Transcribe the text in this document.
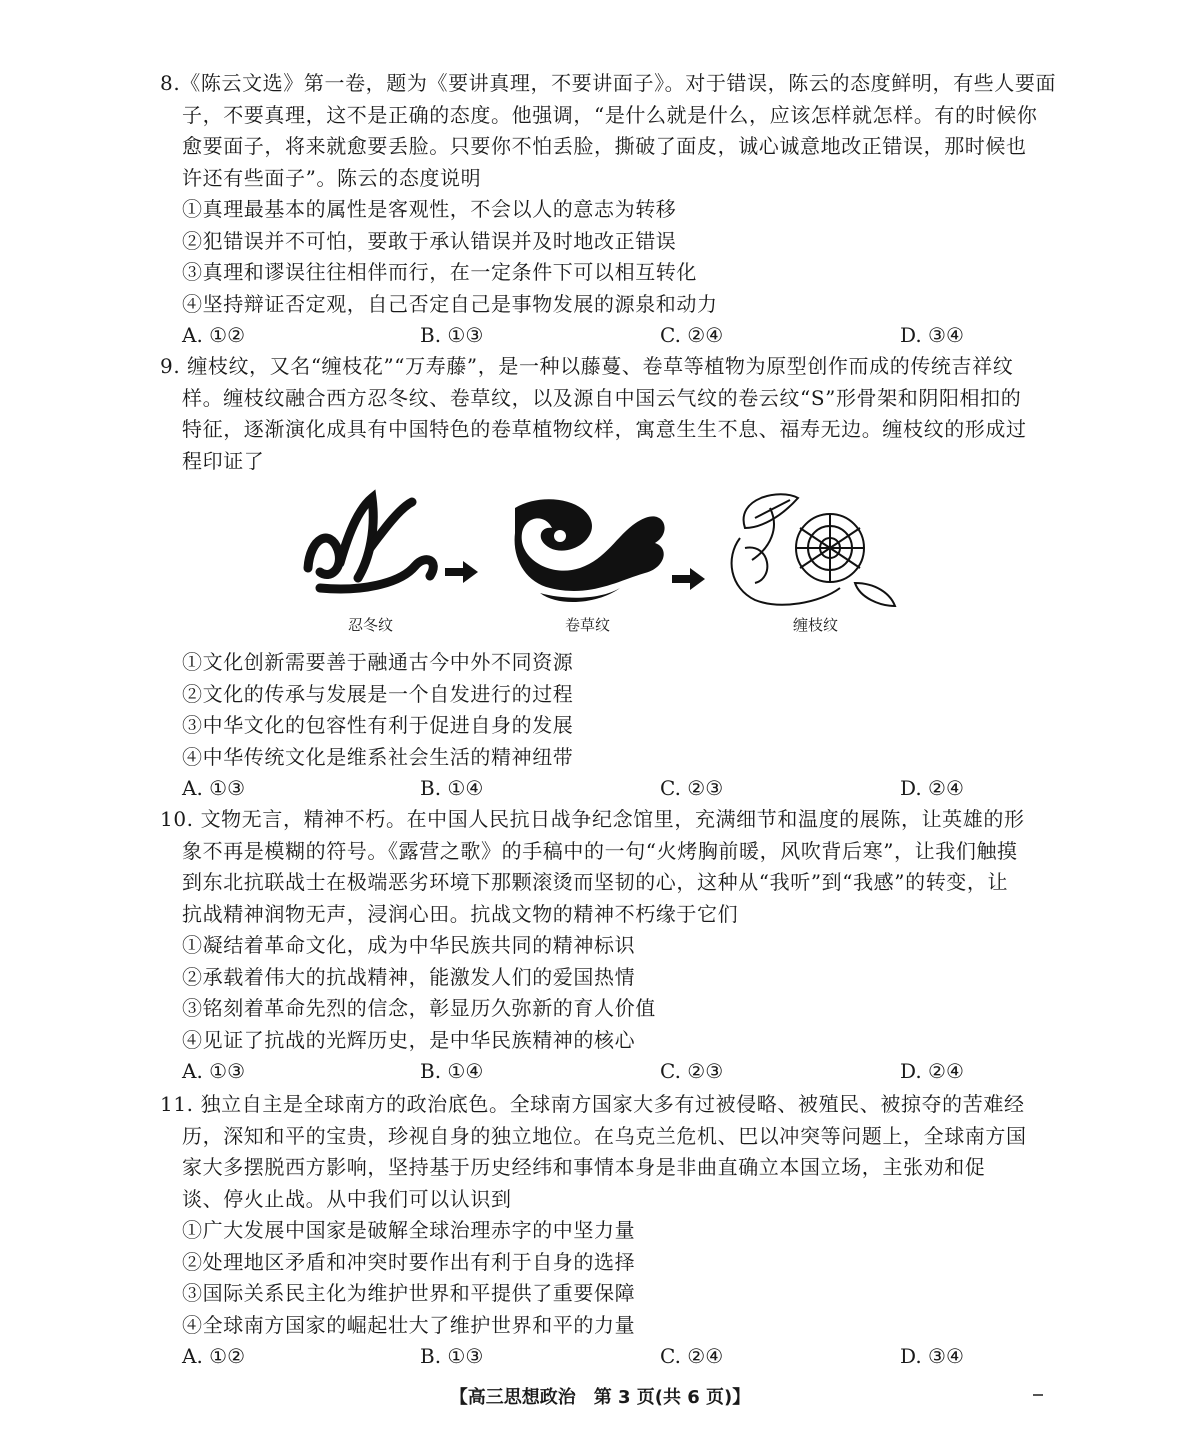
8.《陈云文选》第一卷，题为《要讲真理，不要讲面子》。对于错误，陈云的态度鲜明，有些人要面
子，不要真理，这不是正确的态度。他强调，“是什么就是什么，应该怎样就怎样。有的时候你
愈要面子，将来就愈要丢脸。只要你不怕丢脸，撕破了面皮，诚心诚意地改正错误，那时候也
许还有些面子”。陈云的态度说明
①真理最基本的属性是客观性，不会以人的意志为转移
②犯错误并不可怕，要敢于承认错误并及时地改正错误
③真理和谬误往往相伴而行，在一定条件下可以相互转化
④坚持辩证否定观，自己否定自己是事物发展的源泉和动力
A. ①②	B. ①③	C. ②④	D. ③④
9. 缠枝纹，又名“缠枝花”“万寿藤”，是一种以藤蔓、卷草等植物为原型创作而成的传统吉祥纹
样。缠枝纹融合西方忍冬纹、卷草纹，以及源自中国云气纹的卷云纹“S”形骨架和阴阳相扣的
特征，逐渐演化成具有中国特色的卷草植物纹样，寓意生生不息、福寿无边。缠枝纹的形成过
程印证了
忍冬纹	卷草纹	缠枝纹
①文化创新需要善于融通古今中外不同资源
②文化的传承与发展是一个自发进行的过程
③中华文化的包容性有利于促进自身的发展
④中华传统文化是维系社会生活的精神纽带
A. ①③	B. ①④	C. ②③	D. ②④
10. 文物无言，精神不朽。在中国人民抗日战争纪念馆里，充满细节和温度的展陈，让英雄的形
象不再是模糊的符号。《露营之歌》的手稿中的一句“火烤胸前暖，风吹背后寒”，让我们触摸
到东北抗联战士在极端恶劣环境下那颗滚烫而坚韧的心，这种从“我听”到“我感”的转变，让
抗战精神润物无声，浸润心田。抗战文物的精神不朽缘于它们
①凝结着革命文化，成为中华民族共同的精神标识
②承载着伟大的抗战精神，能激发人们的爱国热情
③铭刻着革命先烈的信念，彰显历久弥新的育人价值
④见证了抗战的光辉历史，是中华民族精神的核心
A. ①③	B. ①④	C. ②③	D. ②④
11. 独立自主是全球南方的政治底色。全球南方国家大多有过被侵略、被殖民、被掠夺的苦难经
历，深知和平的宝贵，珍视自身的独立地位。在乌克兰危机、巴以冲突等问题上，全球南方国
家大多摆脱西方影响，坚持基于历史经纬和事情本身是非曲直确立本国立场，主张劝和促
谈、停火止战。从中我们可以认识到
①广大发展中国家是破解全球治理赤字的中坚力量
②处理地区矛盾和冲突时要作出有利于自身的选择
③国际关系民主化为维护世界和平提供了重要保障
④全球南方国家的崛起壮大了维护世界和平的力量
A. ①②	B. ①③	C. ②④	D. ③④
【高三思想政治　第 3 页(共 6 页)】
